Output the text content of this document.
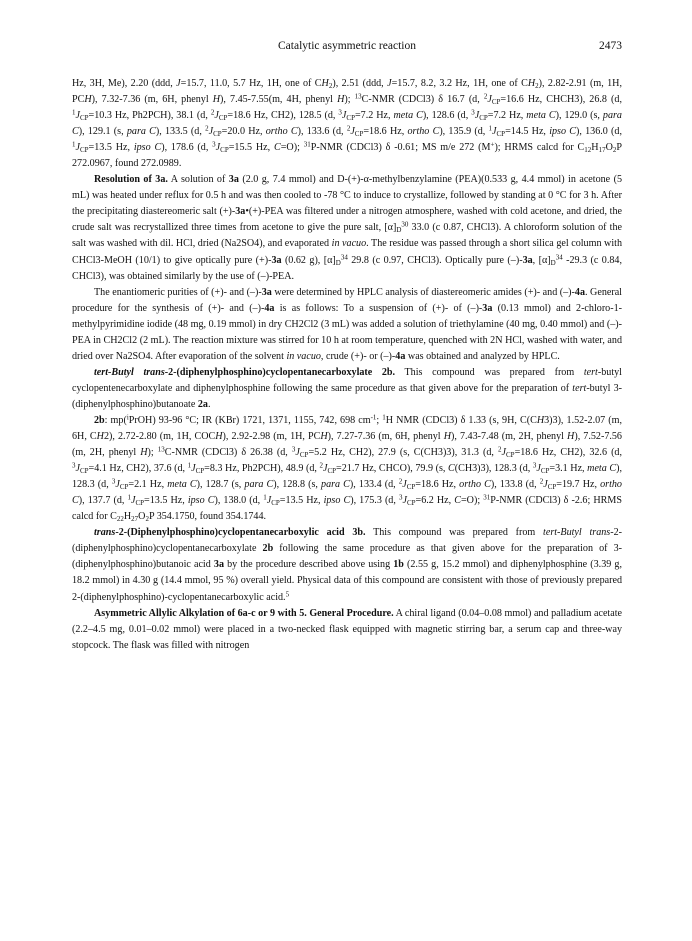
Catalytic asymmetric reaction	2473

Hz, 3H, Me), 2.20 (ddd, J=15.7, 11.0, 5.7 Hz, 1H, one of $CH_2$), 2.51 (ddd, J=15.7, 8.2, 3.2 Hz, 1H, one of $CH_2$), 2.82-2.91 (m, 1H, PCH), 7.32-7.36 (m, 6H, phenyl H), 7.45-7.55(m, 4H, phenyl H); $^{13}$C-NMR (CDCl3) δ 16.7 (d, $^2J_{CP}=16.6$ Hz, CHCH3), 26.8 (d, $^1J_{CP}=10.3$ Hz, Ph2PCH), 38.1 (d, $^2J_{CP}=18.6$ Hz, CH2), 128.5 (d, $^3J_{CP}=7.2$ Hz, meta C), 128.6 (d, $^3J_{CP}=7.2$ Hz, meta C), 129.0 (s, para C), 129.1 (s, para C), 133.5 (d, $^2J_{CP}=20.0$ Hz, ortho C), 133.6 (d, $^2J_{CP}=18.6$ Hz, ortho C), 135.9 (d, $^1J_{CP}=14.5$ Hz, ipso C), 136.0 (d, $^1J_{CP}=13.5$ Hz, ipso C), 178.6 (d, $^3J_{CP}=15.5$ Hz, C=O); $^{31}$P-NMR (CDCl3) δ -0.61; MS m/e 272 (M+); HRMS calcd for $C_{12}H_{17}O_2P$ 272.0967, found 272.0989.

Resolution of 3a. A solution of 3a (2.0 g, 7.4 mmol) and D-(+)-α-methylbenzylamine (PEA)(0.533 g, 4.4 mmol) in acetone (5 mL) was heated under reflux for 0.5 h and was then cooled to -78 °C to induce to crystallize, followed by standing at 0 °C for 3 h. After the precipitating diastereomeric salt (+)-3a•(+)-PEA was filtered under a nitrogen atmosphere, washed with cold acetone, and dried, the crude salt was recrystallized three times from acetone to give the pure salt, $[\alpha]_D^{30}$ 33.0 (c 0.87, CHCl3). A chloroform solution of the salt was washed with dil. HCl, dried (Na2SO4), and evaporated in vacuo. The residue was passed through a short silica gel column with CHCl3-MeOH (10/1) to give optically pure (+)-3a (0.62 g), $[\alpha]_D^{34}$ 29.8 (c 0.97, CHCl3). Optically pure (–)-3a, $[\alpha]_D^{34}$ -29.3 (c 0.84, CHCl3), was obtained similarly by the use of (–)-PEA.

The enantiomeric purities of (+)- and (–)-3a were determined by HPLC analysis of diastereomeric amides (+)- and (–)-4a. General procedure for the synthesis of (+)- and (–)-4a is as follows: To a suspension of (+)- of (–)-3a (0.13 mmol) and 2-chloro-1-methylpyrimidine iodide (48 mg, 0.19 mmol) in dry CH2Cl2 (3 mL) was added a solution of triethylamine (40 mg, 0.40 mmol) and (–)-PEA in CH2Cl2 (2 mL). The reaction mixture was stirred for 10 h at room temperature, quenched with 2N HCl, washed with water, and dried over Na2SO4. After evaporation of the solvent in vacuo, crude (+)- or (–)-4a was obtained and analyzed by HPLC.

tert-Butyl trans-2-(diphenylphosphino)cyclopentanecarboxylate 2b. This compound was prepared from tert-butyl cyclopentenecarboxylate and diphenylphosphine following the same procedure as that given above for the preparation of tert-butyl 3-(diphenylphosphino)butanoate 2a.

2b: mp($^i$PrOH) 93-96 °C; IR (KBr) 1721, 1371, 1155, 742, 698 $cm^{-1}$; $^1$H NMR (CDCl3) δ 1.33 (s, 9H, C(CH3)3), 1.52-2.07 (m, 6H, CH2), 2.72-2.80 (m, 1H, COCH), 2.92-2.98 (m, 1H, PCH), 7.27-7.36 (m, 6H, phenyl H), 7.43-7.48 (m, 2H, phenyl H), 7.52-7.56 (m, 2H, phenyl H); $^{13}$C-NMR (CDCl3) δ 26.38 (d, $^3J_{CP}=5.2$ Hz, CH2), 27.9 (s, C(CH3)3), 31.3 (d, $^2J_{CP}=18.6$ Hz, CH2), 32.6 (d, $^3J_{CP}=4.1$ Hz, CH2), 37.6 (d, $^1J_{CP}=8.3$ Hz, Ph2PCH), 48.9 (d, $^2J_{CP}=21.7$ Hz, CHCO), 79.9 (s, C(CH3)3), 128.3 (d, $^3J_{CP}=3.1$ Hz, meta C), 128.3 (d, $^3J_{CP}=2.1$ Hz, meta C), 128.7 (s, para C), 128.8 (s, para C), 133.4 (d, $^2J_{CP}=18.6$ Hz, ortho C), 133.8 (d, $^2J_{CP}=19.7$ Hz, ortho C), 137.7 (d, $^1J_{CP}=13.5$ Hz, ipso C), 138.0 (d, $^1J_{CP}=13.5$ Hz, ipso C), 175.3 (d, $^3J_{CP}=6.2$ Hz, C=O); $^{31}$P-NMR (CDCl3) δ -2.6; HRMS calcd for $C_{22}H_{27}O_2P$ 354.1750, found 354.1744.

trans-2-(Diphenylphosphino)cyclopentanecarboxylic acid 3b. This compound was prepared from tert-Butyl trans-2-(diphenylphosphino)cyclopentanecarboxylate 2b following the same procedure as that given above for the preparation of 3-(diphenylphosphino)butanoic acid 3a by the procedure described above using 1b (2.55 g, 15.2 mmol) and diphenylphosphine (3.39 g, 18.2 mmol) in 4.30 g (14.4 mmol, 95 %) overall yield. Physical data of this compound are consistent with those of previously prepared 2-(diphenylphosphino)-cyclopentanecarboxylic acid.$^5$

Asymmetric Allylic Alkylation of 6a-c or 9 with 5. General Procedure. A chiral ligand (0.04–0.08 mmol) and palladium acetate (2.2–4.5 mg, 0.01–0.02 mmol) were placed in a two-necked flask equipped with magnetic stirring bar, a serum cap and three-way stopcock. The flask was filled with nitrogen
